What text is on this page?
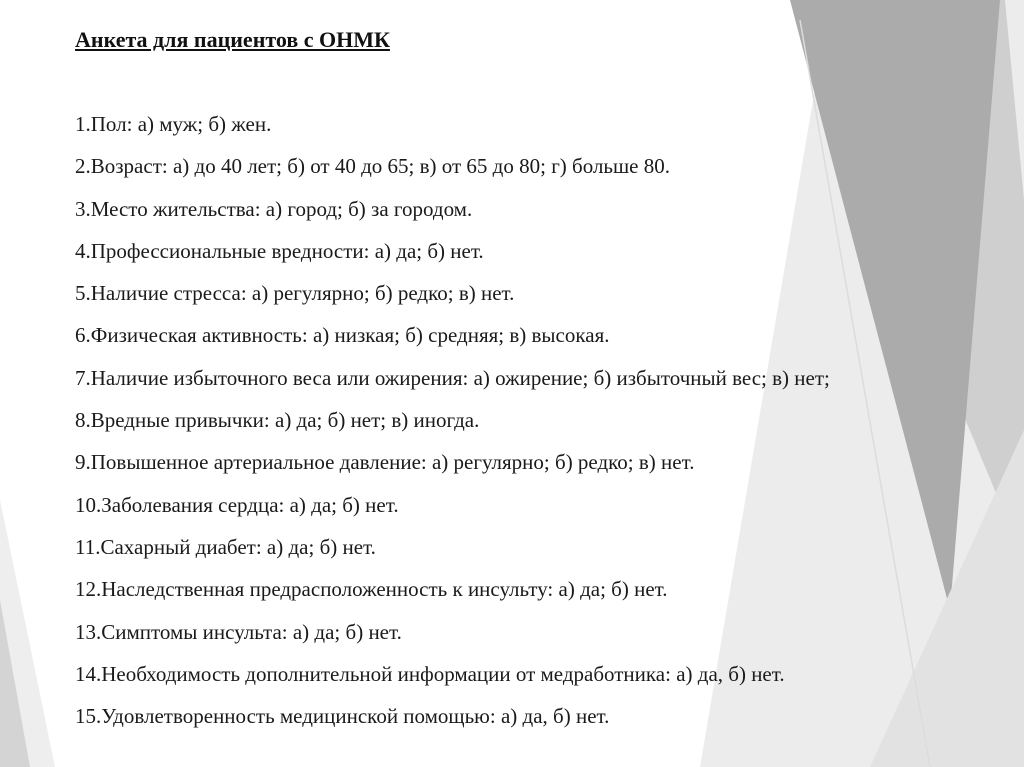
Анкета для пациентов с ОНМК
1.Пол: а) муж; б) жен.
2.Возраст: а) до 40 лет; б) от 40 до 65; в) от 65 до 80; г) больше 80.
3.Место жительства: а) город; б) за городом.
4.Профессиональные вредности: а) да; б) нет.
5.Наличие стресса: а) регулярно; б) редко; в) нет.
6.Физическая активность: а) низкая; б) средняя; в) высокая.
7.Наличие избыточного веса или ожирения: а) ожирение; б) избыточный вес; в) нет;
8.Вредные привычки: а) да; б) нет; в) иногда.
9.Повышенное артериальное давление: а) регулярно; б) редко; в) нет.
10.Заболевания сердца: а) да; б) нет.
11.Сахарный диабет: а) да; б) нет.
12.Наследственная предрасположенность к инсульту: а) да; б) нет.
13.Симптомы инсульта: а) да; б) нет.
14.Необходимость дополнительной информации от медработника: а) да, б) нет.
15.Удовлетворенность медицинской помощью: а) да, б) нет.
